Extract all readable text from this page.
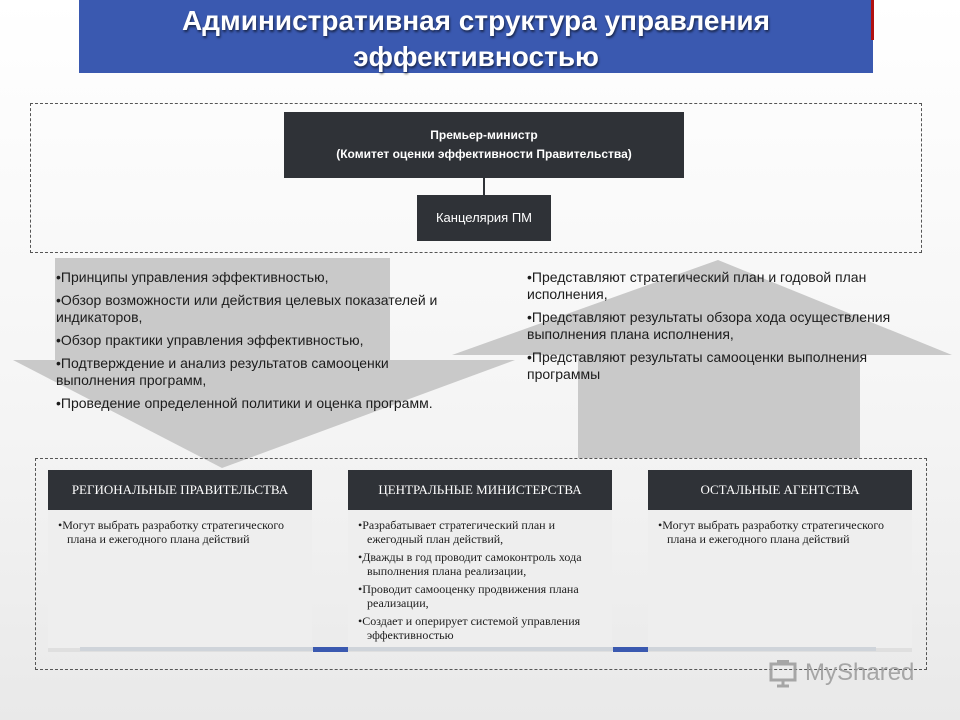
Административная структура управления
эффективностью
Премьер-министр
(Комитет оценки эффективности Правительства)
Канцелярия ПМ
• Принципы управления эффективностью,
• Обзор возможности или действия целевых показателей и индикаторов,
• Обзор практики управления эффективностью,
• Подтверждение и анализ результатов самооценки выполнения программ,
• Проведение определенной политики и оценка программ.
• Представляют стратегический план и годовой план исполнения,
• Представляют результаты обзора хода осуществления выполнения плана исполнения,
• Представляют результаты самооценки выполнения программы
РЕГИОНАЛЬНЫЕ ПРАВИТЕЛЬСТВА
• Могут выбрать разработку стратегического плана и ежегодного плана действий
ЦЕНТРАЛЬНЫЕ МИНИСТЕРСТВА
• Разрабатывает стратегический план и ежегодный план действий,
• Дважды в год проводит самоконтроль хода выполнения плана реализации,
• Проводит самооценку продвижения плана реализации,
• Создает и оперирует системой управления эффективностью
ОСТАЛЬНЫЕ АГЕНТСТВА
• Могут выбрать разработку стратегического плана и ежегодного плана действий
MyShared
